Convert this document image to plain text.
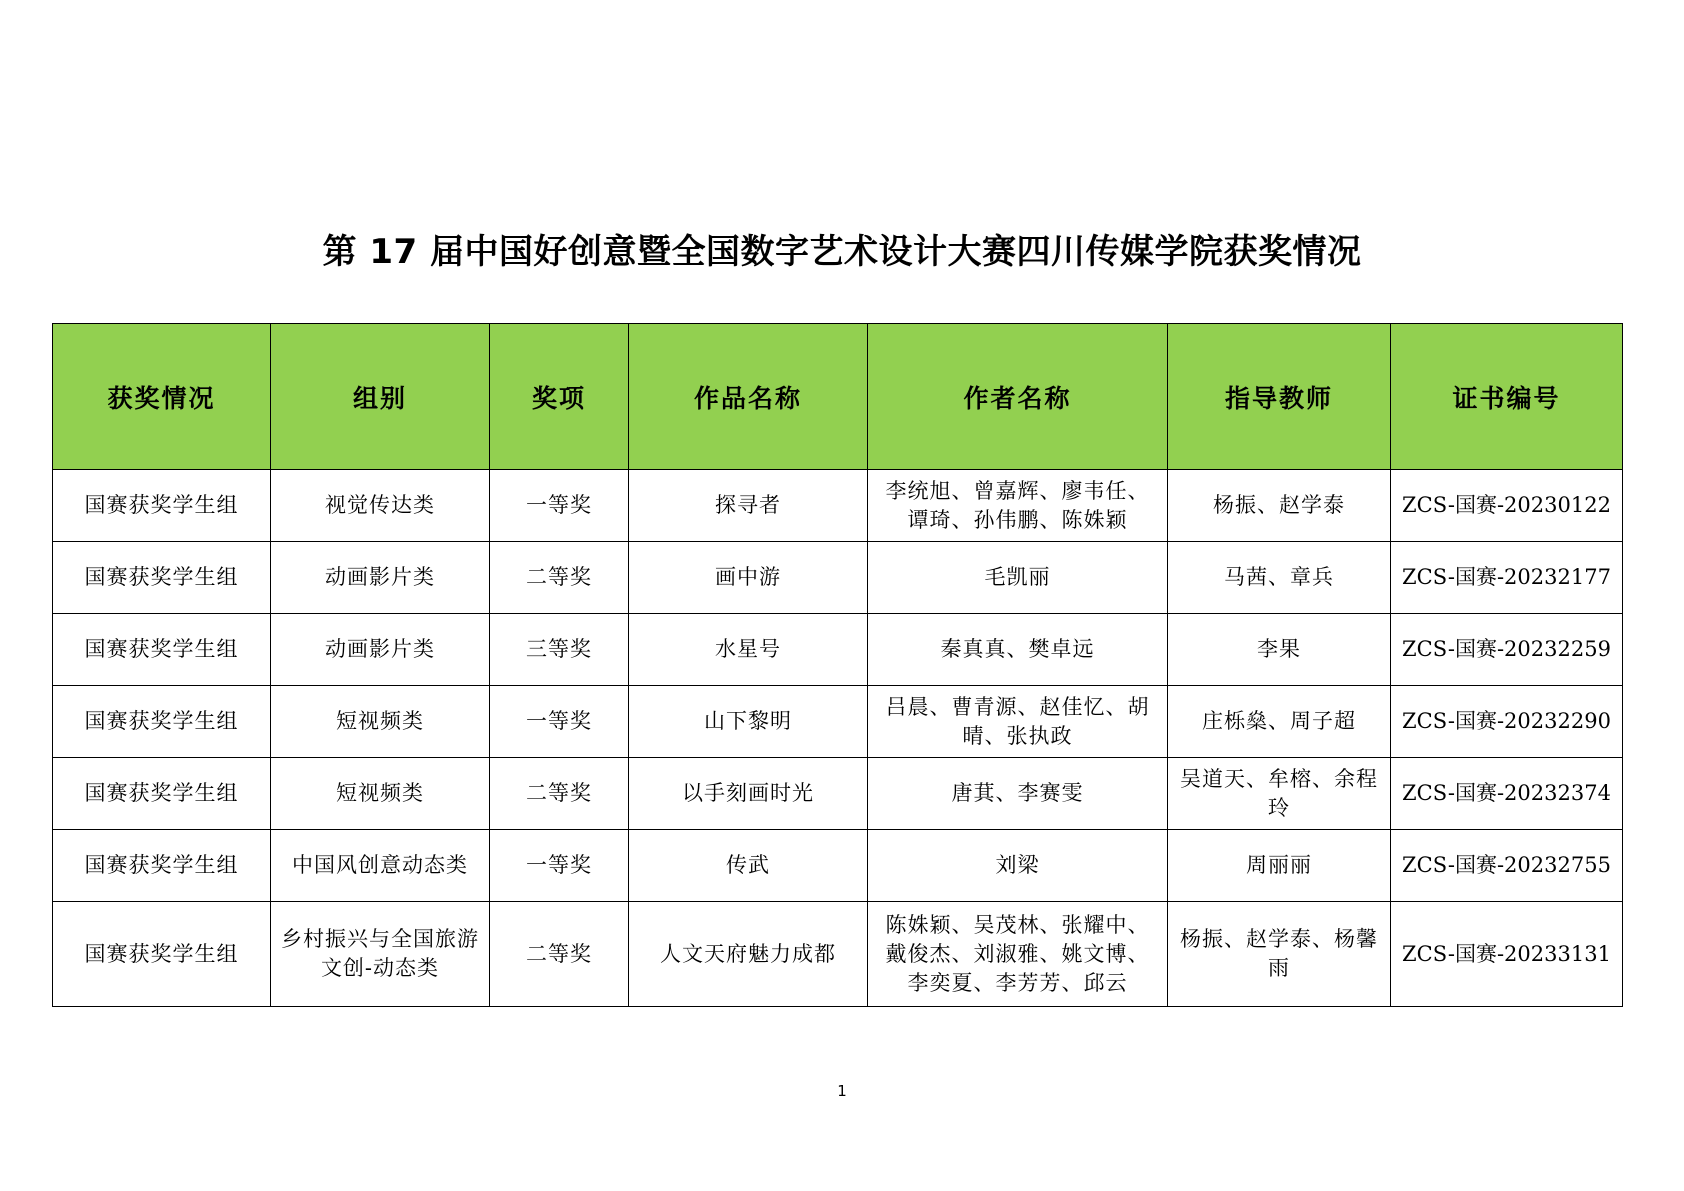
第 17 届中国好创意暨全国数字艺术设计大赛四川传媒学院获奖情况
获奖情况	组别	奖项	作品名称	作者名称	指导教师	证书编号
国赛获奖学生组	视觉传达类	一等奖	探寻者	李统旭、曾嘉辉、廖韦任、谭琦、孙伟鹏、陈姝颖	杨振、赵学泰	ZCS-国赛-20230122
国赛获奖学生组	动画影片类	二等奖	画中游	毛凯丽	马茜、章兵	ZCS-国赛-20232177
国赛获奖学生组	动画影片类	三等奖	水星号	秦真真、樊卓远	李果	ZCS-国赛-20232259
国赛获奖学生组	短视频类	一等奖	山下黎明	吕晨、曹青源、赵佳忆、胡晴、张执政	庄栎燊、周子超	ZCS-国赛-20232290
国赛获奖学生组	短视频类	二等奖	以手刻画时光	唐萁、李赛雯	吴道天、牟榕、余程玲	ZCS-国赛-20232374
国赛获奖学生组	中国风创意动态类	一等奖	传武	刘梁	周丽丽	ZCS-国赛-20232755
国赛获奖学生组	乡村振兴与全国旅游文创-动态类	二等奖	人文天府魅力成都	陈姝颖、吴茂林、张耀中、戴俊杰、刘淑雅、姚文博、李奕夏、李芳芳、邱云	杨振、赵学泰、杨馨雨	ZCS-国赛-20233131
1
